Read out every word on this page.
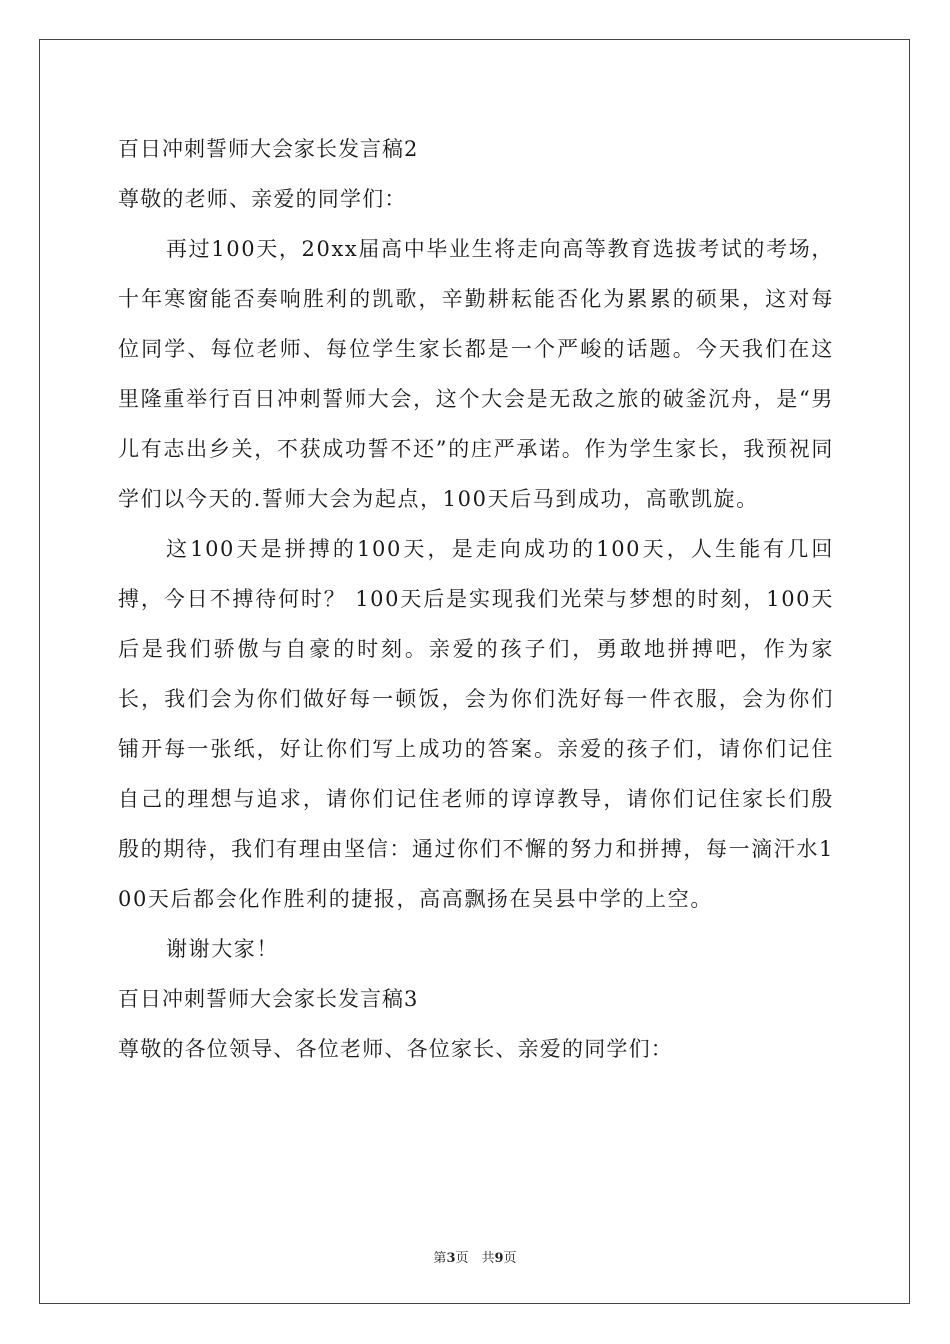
百日冲刺誓师大会家长发言稿2

尊敬的老师、亲爱的同学们：

再过100天，20xx届高中毕业生将走向高等教育选拔考试的考场，十年寒窗能否奏响胜利的凯歌，辛勤耕耘能否化为累累的硕果，这对每位同学、每位老师、每位学生家长都是一个严峻的话题。今天我们在这里隆重举行百日冲刺誓师大会，这个大会是无敌之旅的破釜沉舟，是“男儿有志出乡关，不获成功誓不还”的庄严承诺。作为学生家长，我预祝同学们以今天的.誓师大会为起点，100天后马到成功，高歌凯旋。

这100天是拼搏的100天，是走向成功的100天，人生能有几回搏，今日不搏待何时？ 100天后是实现我们光荣与梦想的时刻，100天后是我们骄傲与自豪的时刻。亲爱的孩子们，勇敢地拼搏吧，作为家长，我们会为你们做好每一顿饭，会为你们洗好每一件衣服，会为你们铺开每一张纸，好让你们写上成功的答案。亲爱的孩子们，请你们记住自己的理想与追求，请你们记住老师的谆谆教导，请你们记住家长们殷殷的期待，我们有理由坚信：通过你们不懈的努力和拼搏，每一滴汗水100天后都会化作胜利的捷报，高高飘扬在吴县中学的上空。

谢谢大家！

百日冲刺誓师大会家长发言稿3

尊敬的各位领导、各位老师、各位家长、亲爱的同学们：

第3页　共9页
